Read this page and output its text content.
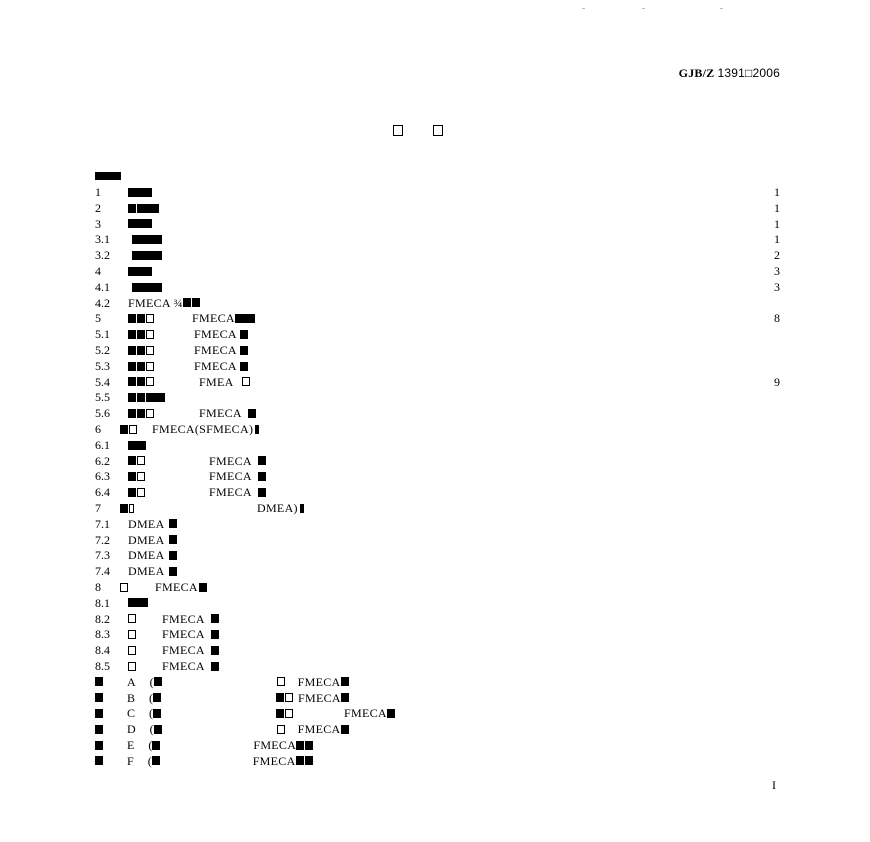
GJB/Z 1391□2006
1	1
2	1
3	1
3.1	1
3.2	2
4	3
4.1	3
4.2 FMECA ¾
5	FMECA	8
5.1	FMECA
5.2	FMECA
5.3	FMECA
5.4	FMEA	9
5.5
5.6	FMECA
6	FMECA(SFMECA)
6.1
6.2	FMECA
6.3	FMECA
6.4	FMECA
7	DMEA)
7.1 DMEA
7.2 DMEA
7.3 DMEA
7.4 DMEA
8	FMECA
8.1
8.2	FMECA
8.3	FMECA
8.4	FMECA
8.5	FMECA
A (	FMECA
B (	FMECA
C (	FMECA
D (	FMECA
E (	FMECA
F (	FMECA
I
